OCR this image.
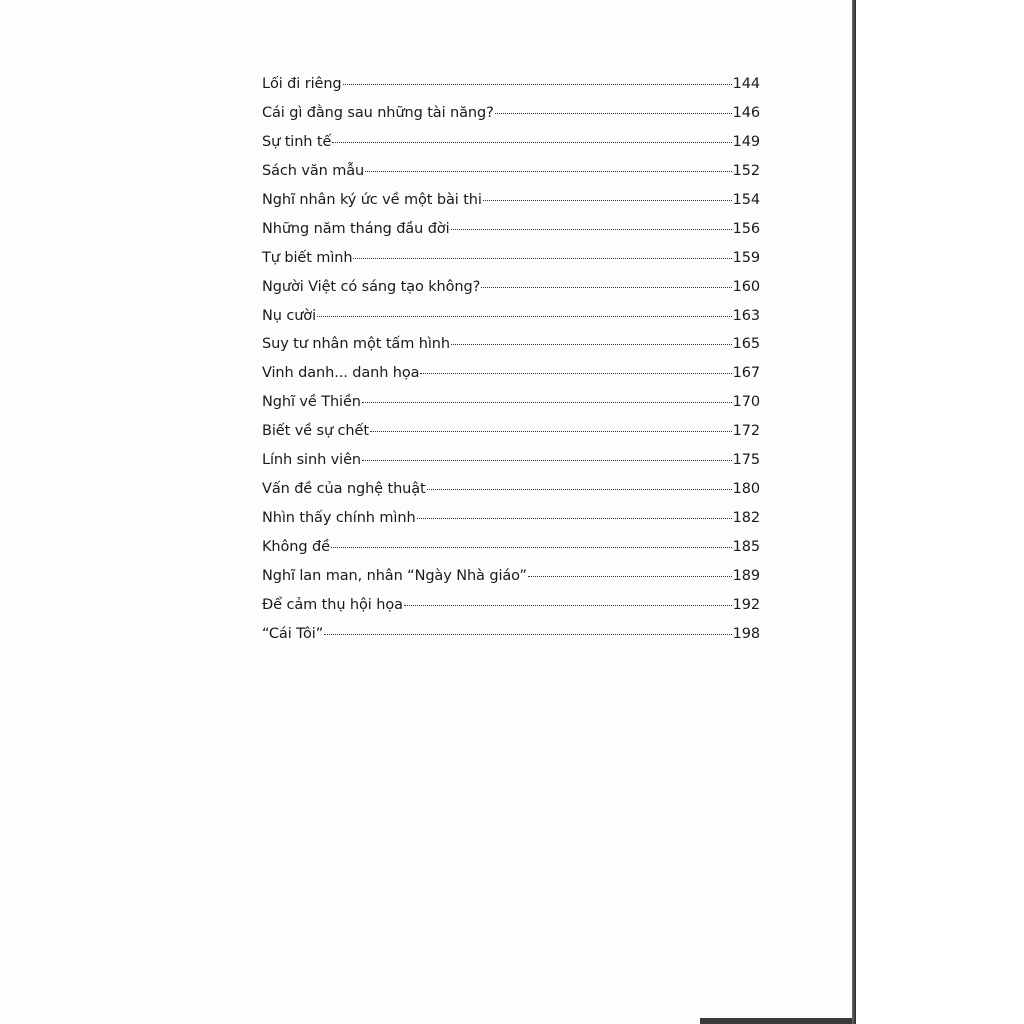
Lối đi riêng	144
Cái gì đằng sau những tài năng?	146
Sự tinh tế	149
Sách văn mẫu	152
Nghĩ nhân ký ức về một bài thi	154
Những năm tháng đầu đời	156
Tự biết mình	159
Người Việt có sáng tạo không?	160
Nụ cười	163
Suy tư nhân một tấm hình	165
Vinh danh... danh họa	167
Nghĩ về Thiền	170
Biết về sự chết	172
Lính sinh viên	175
Vấn đề của nghệ thuật	180
Nhìn thấy chính mình	182
Không đề	185
Nghĩ lan man, nhân “Ngày Nhà giáo”	189
Để cảm thụ hội họa	192
“Cái Tôi”	198
